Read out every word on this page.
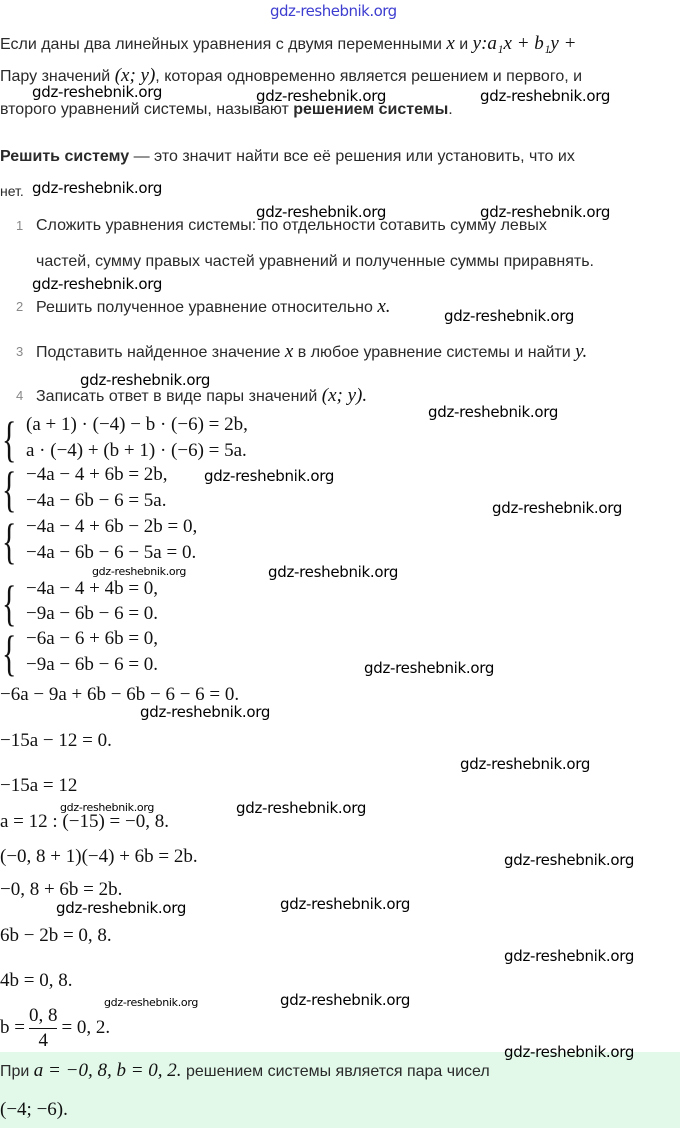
gdz-reshebnik.org
Если даны два линейных уравнения с двумя переменными x и y:a₁x + b₁y +
Пару значений (x; y), которая одновременно является решением и первого, и
второго уравнений системы, называют решением системы.
Решить систему — это значит найти все её решения или установить, что их
нет.
1 Сложить уравнения системы: по отдельности сотавить сумму левых
частей, сумму правых частей уравнений и полученные суммы приравнять.
2 Решить полученное уравнение относительно x.
3 Подставить найденное значение x в любое уравнение системы и найти y.
4 Записать ответ в виде пары значений (x; y).
{ (a + 1) · (−4) − b · (−6) = 2b,
a · (−4) + (b + 1) · (−6) = 5a.
{ −4a − 4 + 6b = 2b,
−4a − 6b − 6 = 5a.
{ −4a − 4 + 6b − 2b = 0,
−4a − 6b − 6 − 5a = 0.
{ −4a − 4 + 4b = 0,
−9a − 6b − 6 = 0.
{ −6a − 6 + 6b = 0,
−9a − 6b − 6 = 0.
−6a − 9a + 6b − 6b − 6 − 6 = 0.
−15a − 12 = 0.
−15a = 12
a = 12 : (−15) = −0, 8.
(−0, 8 + 1)(−4) + 6b = 2b.
−0, 8 + 6b = 2b.
6b − 2b = 0, 8.
4b = 0, 8.
$b = \frac{0, 8}{4} = 0$, 2.
При a = −0, 8, b = 0, 2. решением системы является пара чисел
(−4; −6).
gdz-reshebnik.org	gdz-reshebnik.org	gdz-reshebnik.org
gdz-reshebnik.org
gdz-reshebnik.org	gdz-reshebnik.org
gdz-reshebnik.org
gdz-reshebnik.org
gdz-reshebnik.org
gdz-reshebnik.org
gdz-reshebnik.org
gdz-reshebnik.org
gdz-reshebnik.org	gdz-reshebnik.org
gdz-reshebnik.org
gdz-reshebnik.org
gdz-reshebnik.org
gdz-reshebnik.org	gdz-reshebnik.org
gdz-reshebnik.org
gdz-reshebnik.org	gdz-reshebnik.org
gdz-reshebnik.org
gdz-reshebnik.org	gdz-reshebnik.org
gdz-reshebnik.org
